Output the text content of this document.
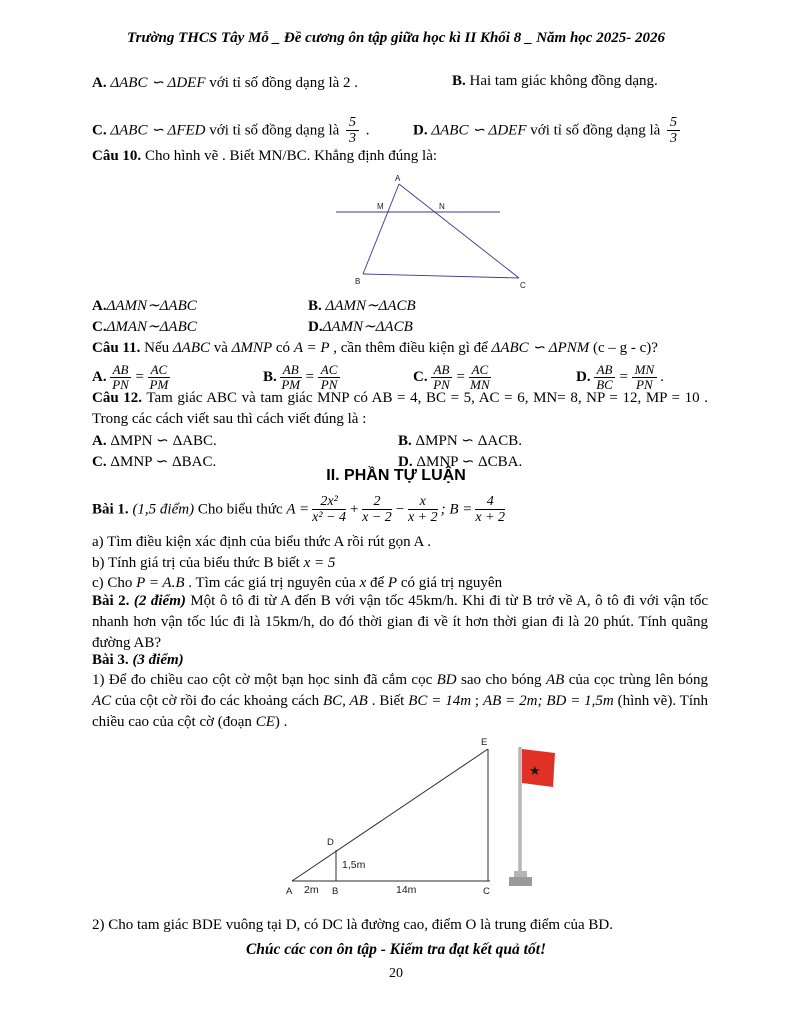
Trường THCS Tây Mỗ _ Đề cương ôn tập giữa học kì II Khối 8 _ Năm học 2025- 2026
A. ΔABC ∽ ΔDEF với tỉ số đồng dạng là 2 .	B. Hai tam giác không đồng dạng.
C. ΔABC ∽ ΔFED với tỉ số đồng dạng là $\frac{5}{3}$ .	D. ΔABC ∽ ΔDEF với tỉ số đồng dạng là $\frac{5}{3}$
Câu 10. Cho hình vẽ . Biết MN/BC. Khẳng định đúng là:
A
M	N
B	C
A.ΔAMN∼ΔABC	B. ΔAMN∼ΔACB
C.ΔMAN∼ΔABC	D.ΔAMN∼ΔACB
Câu 11. Nếu ΔABC và ΔMNP có A = P , cần thêm điều kiện gì để ΔABC ∽ ΔPNM (c – g - c)?
A. $\frac{AB}{PN} = \frac{AC}{PM}$	B. $\frac{AB}{PM} = \frac{AC}{PN}$	C. $\frac{AB}{PN} = \frac{AC}{MN}$	D. $\frac{AB}{BC} = \frac{MN}{PN}$ .
Câu 12. Tam giác ABC và tam giác MNP có AB = 4, BC = 5, AC = 6, MN= 8, NP = 12, MP = 10 . Trong các cách viết sau thì cách viết đúng là :
A. ΔMPN ∽ ΔABC.	B. ΔMPN ∽ ΔACB.
C. ΔMNP ∽ ΔBAC.	D. ΔMNP ∽ ΔCBA.
II. PHẦN TỰ LUẬN
Bài 1. (1,5 điểm) Cho biểu thức $A = \frac{\text{2x²}}{\text{x² − 4}} + \frac{2}{x - 2} - \frac{x}{x + 2}$ ; $B = \frac{4}{x + 2}$
a) Tìm điều kiện xác định của biểu thức A rồi rút gọn A .
b) Tính giá trị của biểu thức B biết x = 5
c) Cho P = A.B . Tìm các giá trị nguyên của x để P có giá trị nguyên
Bài 2. (2 điểm) Một ô tô đi từ A đến B với vận tốc 45km/h. Khi đi từ B trở về A, ô tô đi với vận tốc nhanh hơn vận tốc lúc đi là 15km/h, do đó thời gian đi về ít hơn thời gian đi là 20 phút. Tính quãng đường AB?
Bài 3. (3 điểm)
1) Để đo chiều cao cột cờ một bạn học sinh đã cắm cọc BD sao cho bóng AB của cọc trùng lên bóng AC của cột cờ rồi đo các khoảng cách BC, AB . Biết BC = 14m ; AB = 2m; BD = 1,5m (hình vẽ). Tính chiều cao của cột cờ (đoạn CE) .
E
D
1,5m
A 2m B	14m	C
★
2) Cho tam giác BDE vuông tại D, có DC là đường cao, điểm O là trung điểm của BD.
Chúc các con ôn tập - Kiểm tra đạt kết quả tốt!
20
